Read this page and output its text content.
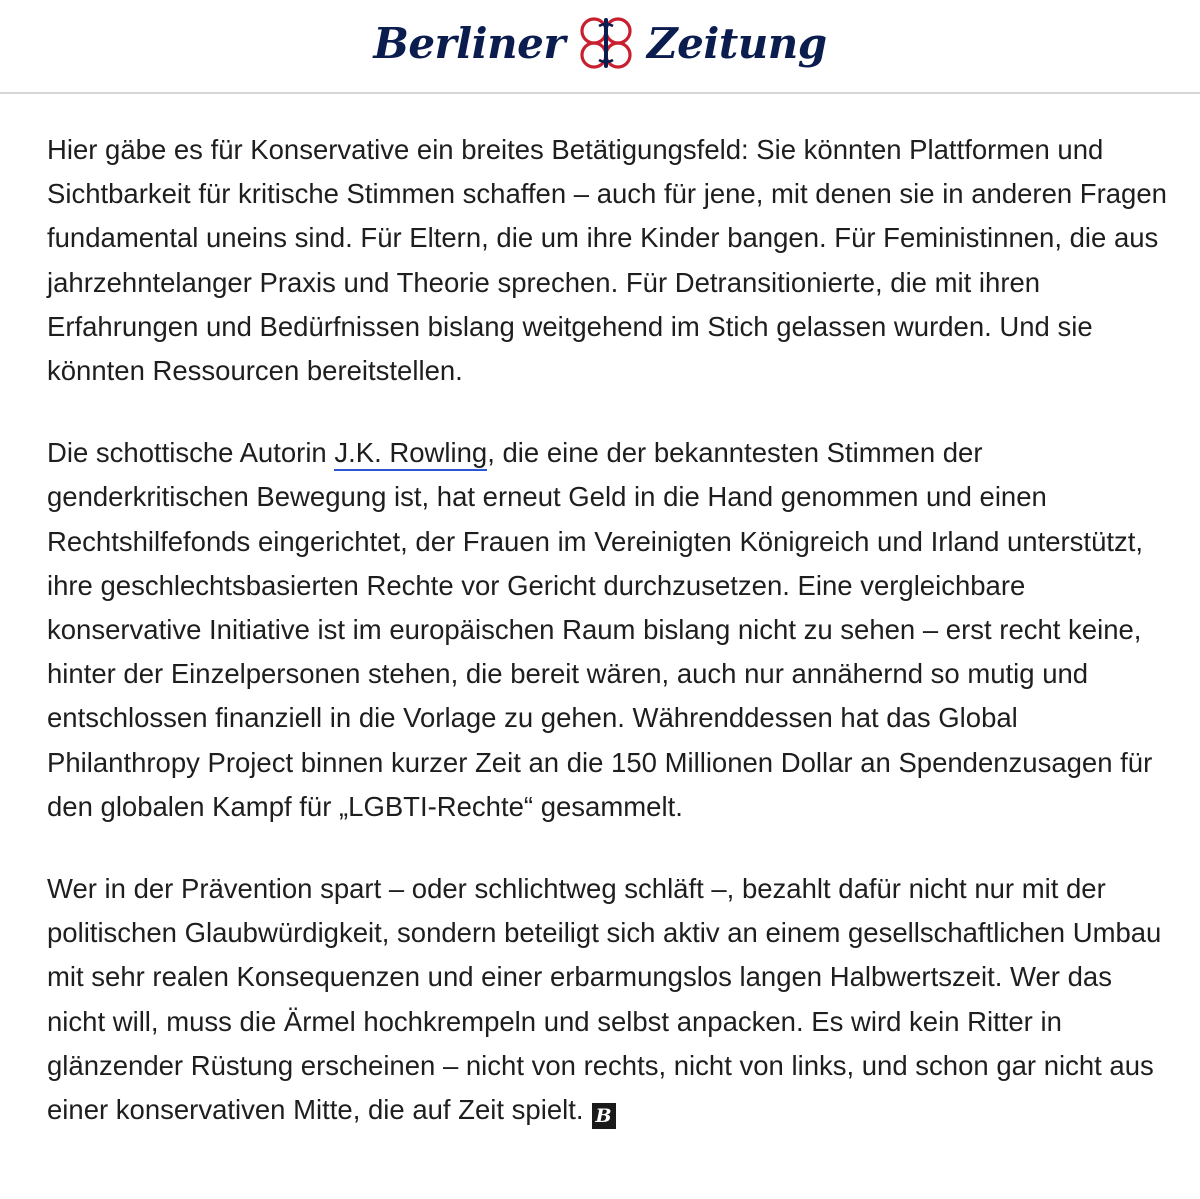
Berliner Zeitung

Hier gäbe es für Konservative ein breites Betätigungsfeld: Sie könnten Plattformen und Sichtbarkeit für kritische Stimmen schaffen – auch für jene, mit denen sie in anderen Fragen fundamental uneins sind. Für Eltern, die um ihre Kinder bangen. Für Feministinnen, die aus jahrzehntelanger Praxis und Theorie sprechen. Für Detransitionierte, die mit ihren Erfahrungen und Bedürfnissen bislang weitgehend im Stich gelassen wurden. Und sie könnten Ressourcen bereitstellen.

Die schottische Autorin J.K. Rowling, die eine der bekanntesten Stimmen der genderkritischen Bewegung ist, hat erneut Geld in die Hand genommen und einen Rechtshilfefonds eingerichtet, der Frauen im Vereinigten Königreich und Irland unterstützt, ihre geschlechtsbasierten Rechte vor Gericht durchzusetzen. Eine vergleichbare konservative Initiative ist im europäischen Raum bislang nicht zu sehen – erst recht keine, hinter der Einzelpersonen stehen, die bereit wären, auch nur annähernd so mutig und entschlossen finanziell in die Vorlage zu gehen. Währenddessen hat das Global Philanthropy Project binnen kurzer Zeit an die 150 Millionen Dollar an Spendenzusagen für den globalen Kampf für „LGBTI-Rechte“ gesammelt.

Wer in der Prävention spart – oder schlichtweg schläft –, bezahlt dafür nicht nur mit der politischen Glaubwürdigkeit, sondern beteiligt sich aktiv an einem gesellschaftlichen Umbau mit sehr realen Konsequenzen und einer erbarmungslos langen Halbwertszeit. Wer das nicht will, muss die Ärmel hochkrempeln und selbst anpacken. Es wird kein Ritter in glänzender Rüstung erscheinen – nicht von rechts, nicht von links, und schon gar nicht aus einer konservativen Mitte, die auf Zeit spielt. B
